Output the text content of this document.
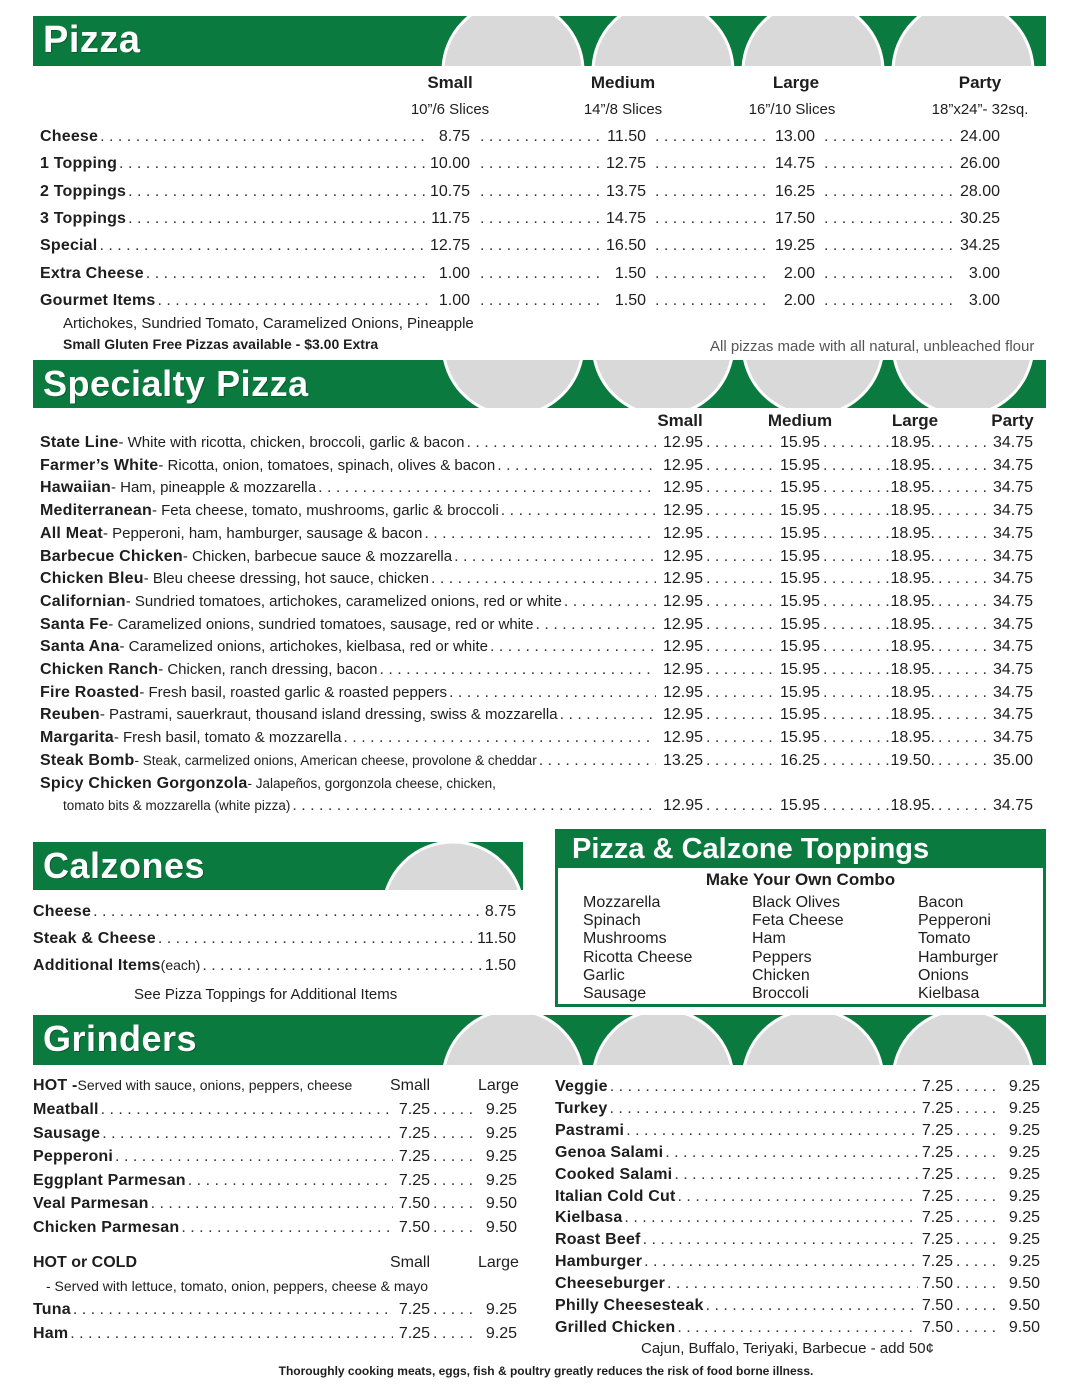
Pizza
Small	Medium	Large	Party
10”/6 Slices	14”/8 Slices	16”/10 Slices	18”x24”- 32sq.
Cheese . . .	8.75 . . .	11.50 . . .	13.00 . . .	24.00
1 Topping . . .	10.00 . . .	12.75 . . .	14.75 . . .	26.00
2 Toppings . . .	10.75 . . .	13.75 . . .	16.25 . . .	28.00
3 Toppings . . .	11.75 . . .	14.75 . . .	17.50 . . .	30.25
Special . . .	12.75 . . .	16.50 . . .	19.25 . . .	34.25
Extra Cheese . . .	1.00 . . .	1.50 . . .	2.00 . . .	3.00
Gourmet Items . . .	1.00 . . .	1.50 . . .	2.00 . . .	3.00
Artichokes, Sundried Tomato, Caramelized Onions, Pineapple
Small Gluten Free Pizzas available - $3.00 Extra	All pizzas made with all natural, unbleached flour
Specialty Pizza
Small	Medium	Large	Party
State Line - White with ricotta, chicken, broccoli, garlic & bacon . . .	12.95 . . .	15.95 . . .	18.95. . . .	34.75
Farmer’s White - Ricotta, onion, tomatoes, spinach, olives & bacon . . .	12.95 . . .	15.95 . . .	18.95. . . .	34.75
Hawaiian - Ham, pineapple & mozzarella . . .	12.95 . . .	15.95 . . .	18.95. . . .	34.75
Mediterranean - Feta cheese, tomato, mushrooms, garlic & broccoli . . .	12.95 . . .	15.95 . . .	18.95. . . .	34.75
All Meat - Pepperoni, ham, hamburger, sausage & bacon . . .	12.95 . . .	15.95 . . .	18.95. . . .	34.75
Barbecue Chicken - Chicken, barbecue sauce & mozzarella . . .	12.95 . . .	15.95 . . .	18.95. . . .	34.75
Chicken Bleu - Bleu cheese dressing, hot sauce, chicken . . .	12.95 . . .	15.95 . . .	18.95. . . .	34.75
Californian - Sundried tomatoes, artichokes, caramelized onions, red or white . . .	12.95 . . .	15.95 . . .	18.95. . . .	34.75
Santa Fe - Caramelized onions, sundried tomatoes, sausage, red or white . . .	12.95 . . .	15.95 . . .	18.95. . . .	34.75
Santa Ana - Caramelized onions, artichokes, kielbasa, red or white . . .	12.95 . . .	15.95 . . .	18.95. . . .	34.75
Chicken Ranch - Chicken, ranch dressing, bacon . . .	12.95 . . .	15.95 . . .	18.95. . . .	34.75
Fire Roasted - Fresh basil, roasted garlic & roasted peppers . . .	12.95 . . .	15.95 . . .	18.95. . . .	34.75
Reuben - Pastrami, sauerkraut, thousand island dressing, swiss & mozzarella . . .	12.95 . . .	15.95 . . .	18.95. . . .	34.75
Margarita - Fresh basil, tomato & mozzarella . . .	12.95 . . .	15.95 . . .	18.95. . . .	34.75
Steak Bomb - Steak, carmelized onions, American cheese, provolone & cheddar . . .	13.25 . . .	16.25 . . .	19.50. . . .	35.00
Spicy Chicken Gorgonzola - Jalapeños, gorgonzola cheese, chicken,
tomato bits & mozzarella (white pizza) . . .	12.95 . . .	15.95 . . .	18.95. . . .	34.75
Calzones
Cheese . . .	8.75
Steak & Cheese . . .	11.50
Additional Items (each) . . .	1.50
See Pizza Toppings for Additional Items
Pizza & Calzone Toppings
Make Your Own Combo
Mozzarella
Spinach
Mushrooms
Ricotta Cheese
Garlic
Sausage
Black Olives
Feta Cheese
Ham
Peppers
Chicken
Broccoli
Bacon
Pepperoni
Tomato
Hamburger
Onions
Kielbasa
Grinders
HOT - Served with sauce, onions, peppers, cheese Small	Large
Meatball . . .	7.25 . . .	9.25
Sausage . . .	7.25 . . .	9.25
Pepperoni . . .	7.25 . . .	9.25
Eggplant Parmesan . . .	7.25 . . .	9.25
Veal Parmesan . . .	7.50 . . .	9.50
Chicken Parmesan . . .	7.50 . . .	9.50
HOT or COLD	Small	Large
- Served with lettuce, tomato, onion, peppers, cheese & mayo
Tuna . . .	7.25 . . .	9.25
Ham . . .	7.25 . . .	9.25
Veggie . . .	7.25 . . .	9.25
Turkey . . .	7.25 . . .	9.25
Pastrami . . .	7.25 . . .	9.25
Genoa Salami . . .	7.25 . . .	9.25
Cooked Salami . . .	7.25 . . .	9.25
Italian Cold Cut . . .	7.25 . . .	9.25
Kielbasa . . .	7.25 . . .	9.25
Roast Beef . . .	7.25 . . .	9.25
Hamburger . . .	7.25 . . .	9.25
Cheeseburger . . .	7.50 . . .	9.50
Philly Cheesesteak . . .	7.50 . . .	9.50
Grilled Chicken . . .	7.50 . . .	9.50
Cajun, Buffalo, Teriyaki, Barbecue - add 50¢
Thoroughly cooking meats, eggs, fish & poultry greatly reduces the risk of food borne illness.
